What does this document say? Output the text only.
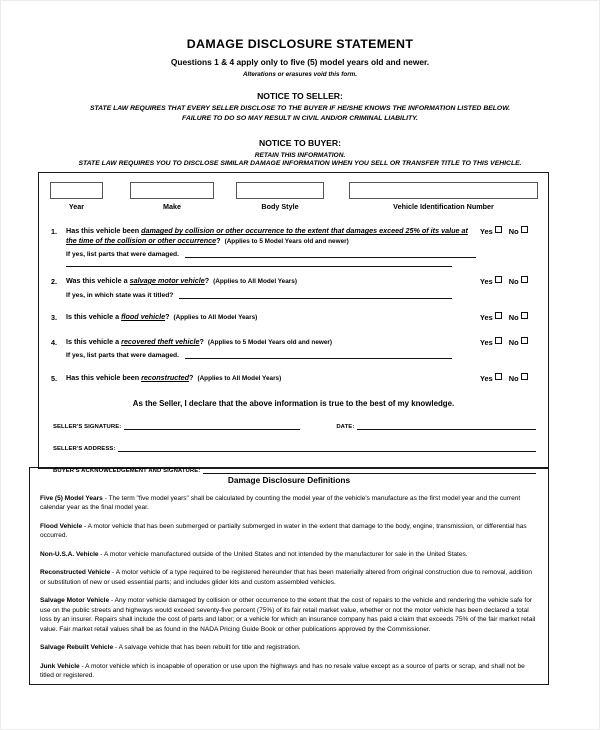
DAMAGE DISCLOSURE STATEMENT
Questions 1 & 4 apply only to five (5) model years old and newer.
Alterations or erasures void this form.
NOTICE TO SELLER:
STATE LAW REQUIRES THAT EVERY SELLER DISCLOSE TO THE BUYER IF HE/SHE KNOWS THE INFORMATION LISTED BELOW.
FAILURE TO DO SO MAY RESULT IN CIVIL AND/OR CRIMINAL LIABILITY.
NOTICE TO BUYER:
RETAIN THIS INFORMATION.
STATE LAW REQUIRES YOU TO DISCLOSE SIMILAR DAMAGE INFORMATION WHEN YOU SELL OR TRANSFER TITLE TO THIS VEHICLE.
Year	Make	Body Style	Vehicle Identification Number
1.	Has this vehicle been damaged by collision or other occurrence to the extent that damages exceed 25% of its value at the time of the collision or other occurrence? (Applies to 5 Model Years old and newer)
If yes, list parts that were damaged.
Yes No
2.	Was this vehicle a salvage motor vehicle? (Applies to All Model Years)
If yes, in which state was it titled?
Yes No
3.	Is this vehicle a flood vehicle? (Applies to All Model Years)	Yes No
4.	Is this vehicle a recovered theft vehicle? (Applies to 5 Model Years old and newer)
If yes, list parts that were damaged.
Yes No
5.	Has this vehicle been reconstructed? (Applies to All Model Years)	Yes No
As the Seller, I declare that the above information is true to the best of my knowledge.
SELLER'S SIGNATURE:	DATE:
SELLER'S ADDRESS:
BUYER'S ACKNOWLEDGEMENT AND SIGNATURE:
Damage Disclosure Definitions
Five (5) Model Years - The term "five model years" shall be calculated by counting the model year of the vehicle's manufacture as the first model year and the current calendar year as the final model year.
Flood Vehicle - A motor vehicle that has been submerged or partially submerged in water in the extent that damage to the body, engine, transmission, or differential has occurred.
Non-U.S.A. Vehicle - A motor vehicle manufactured outside of the United States and not intended by the manufacturer for sale in the United States.
Reconstructed Vehicle - A motor vehicle of a type required to be registered hereunder that has been materially altered from original construction due to removal, addition or substitution of new or used essential parts; and includes glider kits and custom assembled vehicles.
Salvage Motor Vehicle - Any motor vehicle damaged by collision or other occurrence to the extent that the cost of repairs to the vehicle and rendering the vehicle safe for use on the public streets and highways would exceed seventy-five percent (75%) of its fair retail market value, whether or not the motor vehicle has been declared a total loss by an insurer. Repairs shall include the cost of parts and labor; or a vehicle for which an insurance company has paid a claim that exceeds 75% of the fair market retail value. Fair market retail values shall be as found in the NADA Pricing Guide Book or other publications approved by the Commissioner.
Salvage Rebuilt Vehicle - A salvage vehicle that has been rebuilt for title and registration.
Junk Vehicle - A motor vehicle which is incapable of operation or use upon the highways and has no resale value except as a source of parts or scrap, and shall not be titled or registered.
